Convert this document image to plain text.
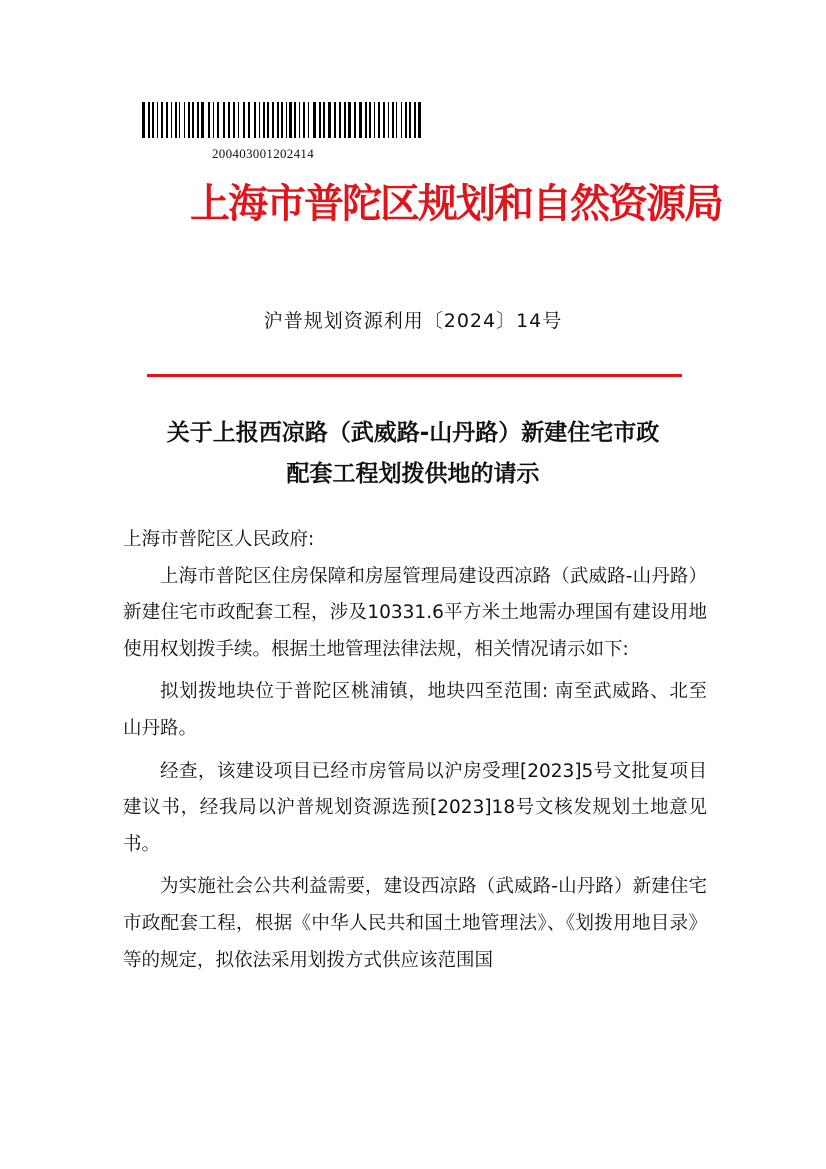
200403001202414
上海市普陀区规划和自然资源局
沪普规划资源利用〔2024〕14号
关于上报西凉路（武威路-山丹路）新建住宅市政
配套工程划拨供地的请示

上海市普陀区人民政府:

上海市普陀区住房保障和房屋管理局建设西凉路（武威路-山丹路）新建住宅市政配套工程，涉及10331.6平方米土地需办理国有建设用地使用权划拨手续。根据土地管理法律法规，相关情况请示如下:

拟划拨地块位于普陀区桃浦镇，地块四至范围: 南至武威路、北至山丹路。

经查，该建设项目已经市房管局以沪房受理[2023]5号文批复项目建议书，经我局以沪普规划资源选预[2023]18号文核发规划土地意见书。

为实施社会公共利益需要，建设西凉路（武威路-山丹路）新建住宅市政配套工程，根据《中华人民共和国土地管理法》、《划拨用地目录》等的规定，拟依法采用划拨方式供应该范围国
